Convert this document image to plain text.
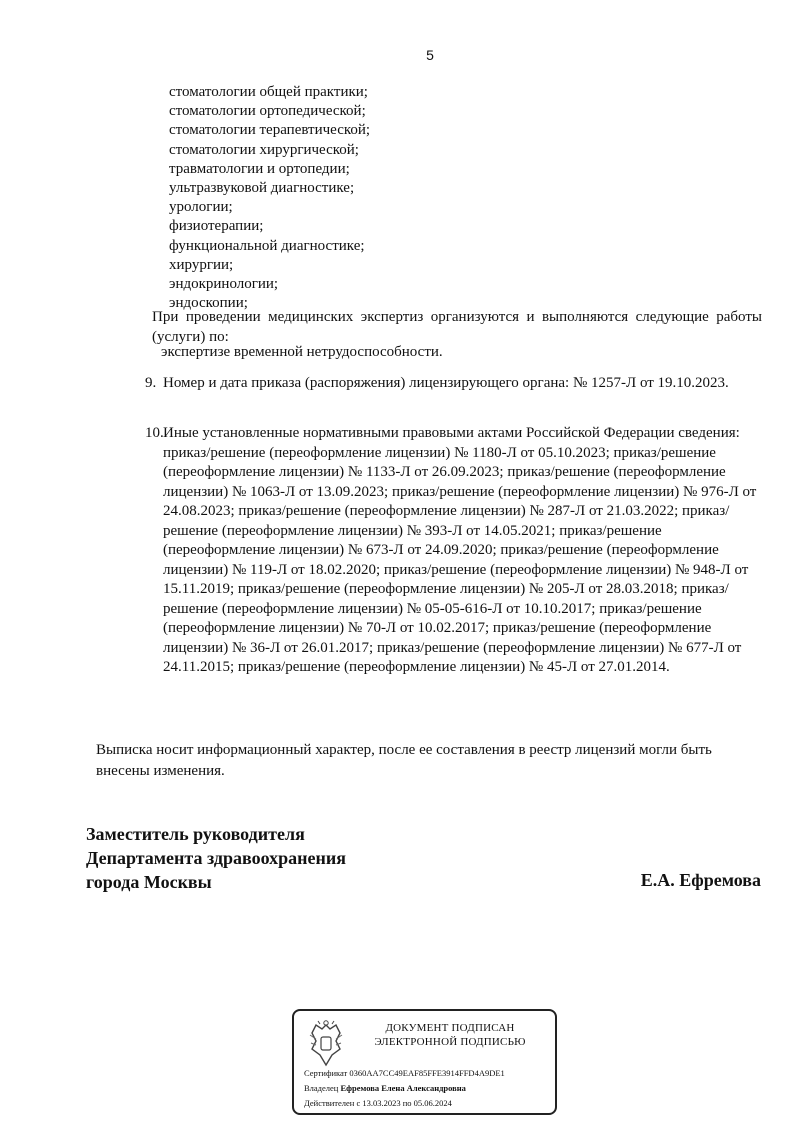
5
стоматологии общей практики;
стоматологии ортопедической;
стоматологии терапевтической;
стоматологии хирургической;
травматологии и ортопедии;
ультразвуковой диагностике;
урологии;
физиотерапии;
функциональной диагностике;
хирургии;
эндокринологии;
эндоскопии;
При проведении медицинских экспертиз организуются и выполняются следующие работы (услуги) по:
экспертизе временной нетрудоспособности.
9. Номер и дата приказа (распоряжения) лицензирующего органа: № 1257-Л от 19.10.2023.
10. Иные установленные нормативными правовыми актами Российской Федерации сведения: приказ/решение (переоформление лицензии) № 1180-Л от 05.10.2023; приказ/решение (переоформление лицензии) № 1133-Л от 26.09.2023; приказ/решение (переоформление лицензии) № 1063-Л от 13.09.2023; приказ/решение (переоформление лицензии) № 976-Л от 24.08.2023; приказ/решение (переоформление лицензии) № 287-Л от 21.03.2022; приказ/решение (переоформление лицензии) № 393-Л от 14.05.2021; приказ/решение (переоформление лицензии) № 673-Л от 24.09.2020; приказ/решение (переоформление лицензии) № 119-Л от 18.02.2020; приказ/решение (переоформление лицензии) № 948-Л от 15.11.2019; приказ/решение (переоформление лицензии) № 205-Л от 28.03.2018; приказ/решение (переоформление лицензии) № 05-05-616-Л от 10.10.2017; приказ/решение (переоформление лицензии) № 70-Л от 10.02.2017; приказ/решение (переоформление лицензии) № 36-Л от 26.01.2017; приказ/решение (переоформление лицензии) № 677-Л от 24.11.2015; приказ/решение (переоформление лицензии) № 45-Л от 27.01.2014.
Выписка носит информационный характер, после ее составления в реестр лицензий могли быть внесены изменения.
Заместитель руководителя
Департамента здравоохранения
города Москвы	Е.А. Ефремова
ДОКУМЕНТ ПОДПИСАН
ЭЛЕКТРОННОЙ ПОДПИСЬЮ
Сертификат 0360AA7CC49EAF85FFE3914FFD4A9DE1
Владелец Ефремова Елена Александровна
Действителен с 13.03.2023 по 05.06.2024
